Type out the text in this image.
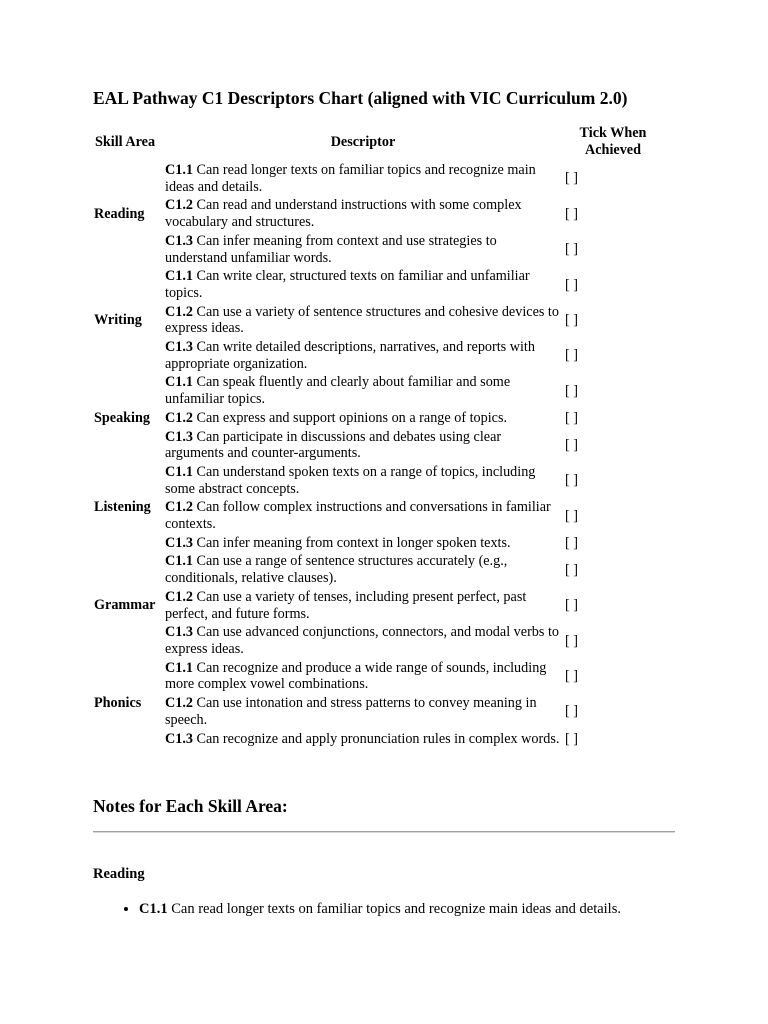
EAL Pathway C1 Descriptors Chart (aligned with VIC Curriculum 2.0)
Skill Area	Descriptor	Tick When Achieved
Reading	C1.1 Can read longer texts on familiar topics and recognize main ideas and details.	[ ]
	C1.2 Can read and understand instructions with some complex vocabulary and structures.	[ ]
	C1.3 Can infer meaning from context and use strategies to understand unfamiliar words.	[ ]
Writing	C1.1 Can write clear, structured texts on familiar and unfamiliar topics.	[ ]
	C1.2 Can use a variety of sentence structures and cohesive devices to express ideas.	[ ]
	C1.3 Can write detailed descriptions, narratives, and reports with appropriate organization.	[ ]
Speaking	C1.1 Can speak fluently and clearly about familiar and some unfamiliar topics.	[ ]
	C1.2 Can express and support opinions on a range of topics.	[ ]
	C1.3 Can participate in discussions and debates using clear arguments and counter-arguments.	[ ]
Listening	C1.1 Can understand spoken texts on a range of topics, including some abstract concepts.	[ ]
	C1.2 Can follow complex instructions and conversations in familiar contexts.	[ ]
	C1.3 Can infer meaning from context in longer spoken texts.	[ ]
Grammar	C1.1 Can use a range of sentence structures accurately (e.g., conditionals, relative clauses).	[ ]
	C1.2 Can use a variety of tenses, including present perfect, past perfect, and future forms.	[ ]
	C1.3 Can use advanced conjunctions, connectors, and modal verbs to express ideas.	[ ]
Phonics	C1.1 Can recognize and produce a wide range of sounds, including more complex vowel combinations.	[ ]
	C1.2 Can use intonation and stress patterns to convey meaning in speech.	[ ]
	C1.3 Can recognize and apply pronunciation rules in complex words.	[ ]
Notes for Each Skill Area:
Reading
• C1.1 Can read longer texts on familiar topics and recognize main ideas and details.
